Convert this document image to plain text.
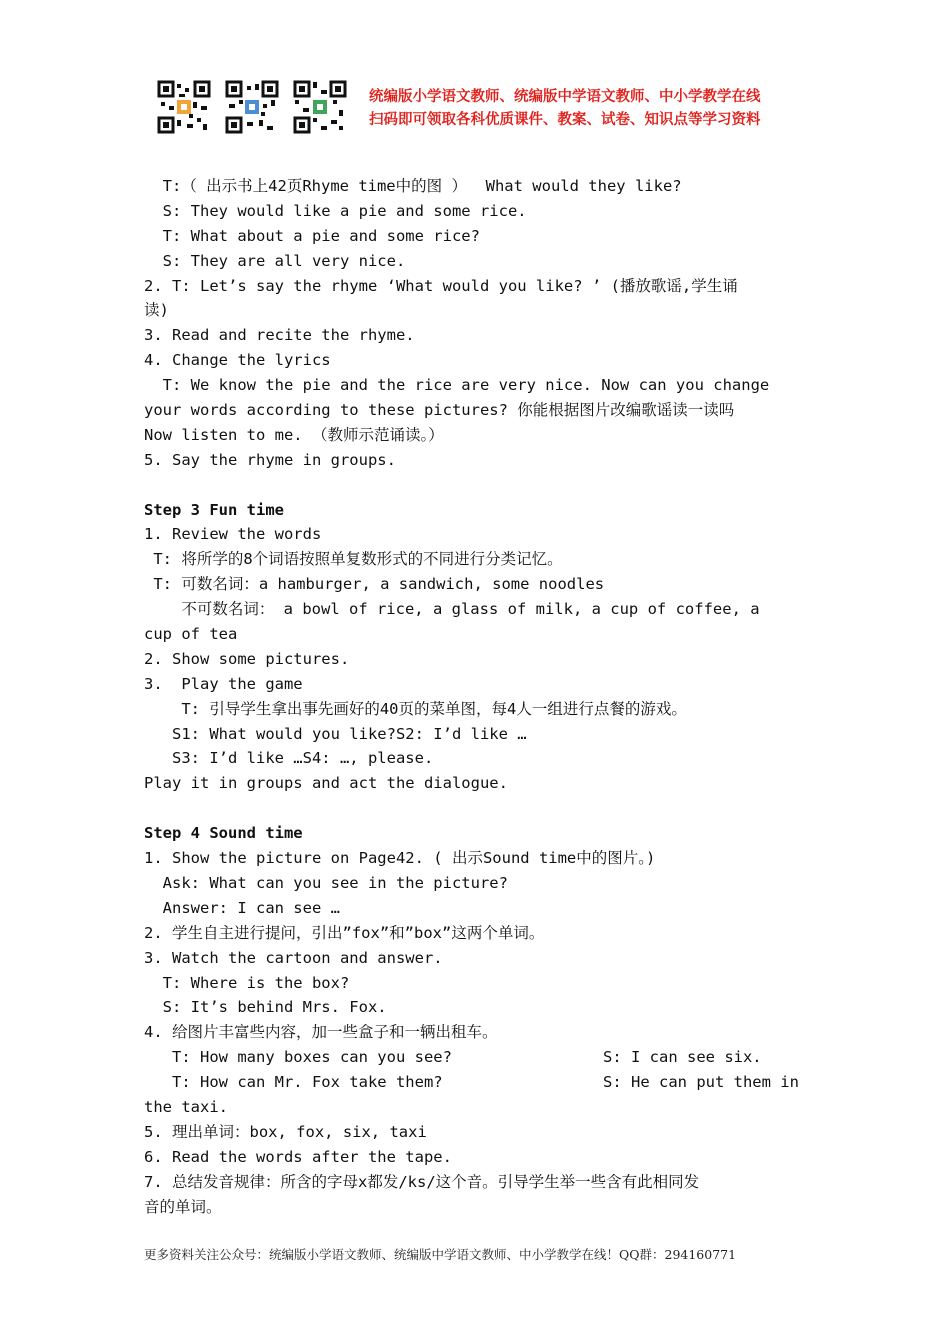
统编版小学语文教师、统编版中学语文教师、中小学教学在线
扫码即可领取各科优质课件、教案、试卷、知识点等学习资料
T:（ 出示书上42页Rhyme time中的图 ）  What would they like?
S: They would like a pie and some rice.
T: What about a pie and some rice?
S: They are all very nice.
2. T: Let’s say the rhyme ‘What would you like? ’ (播放歌谣,学生诵
读)
3. Read and recite the rhyme.
4. Change the lyrics
T: We know the pie and the rice are very nice. Now can you change
your words according to these pictures? 你能根据图片改编歌谣读一读吗
Now listen to me. （教师示范诵读。）
5. Say the rhyme in groups.
Step 3 Fun time
1. Review the words
T: 将所学的8个词语按照单复数形式的不同进行分类记忆。
T: 可数名词：a hamburger, a sandwich, some noodles
不可数名词： a bowl of rice, a glass of milk, a cup of coffee, a
cup of tea
2. Show some pictures.
3.  Play the game
T: 引导学生拿出事先画好的40页的菜单图，每4人一组进行点餐的游戏。
S1: What would you like?S2: I’d like …
S3: I’d like …S4: …, please.
Play it in groups and act the dialogue.
Step 4 Sound time
1. Show the picture on Page42. ( 出示Sound time中的图片。)
Ask: What can you see in the picture?
Answer: I can see …
2. 学生自主进行提问，引出”fox”和”box”这两个单词。
3. Watch the cartoon and answer.
T: Where is the box?
S: It’s behind Mrs. Fox.
4. 给图片丰富些内容，加一些盒子和一辆出租车。
T: How many boxes can you see?	S: I can see six.
T: How can Mr. Fox take them?	S: He can put them in
the taxi.
5. 理出单词：box, fox, six, taxi
6. Read the words after the tape.
7. 总结发音规律：所含的字母x都发/ks/这个音。引导学生举一些含有此相同发
音的单词。
更多资料关注公众号：统编版小学语文教师、统编版中学语文教师、中小学教学在线！QQ群：294160771
